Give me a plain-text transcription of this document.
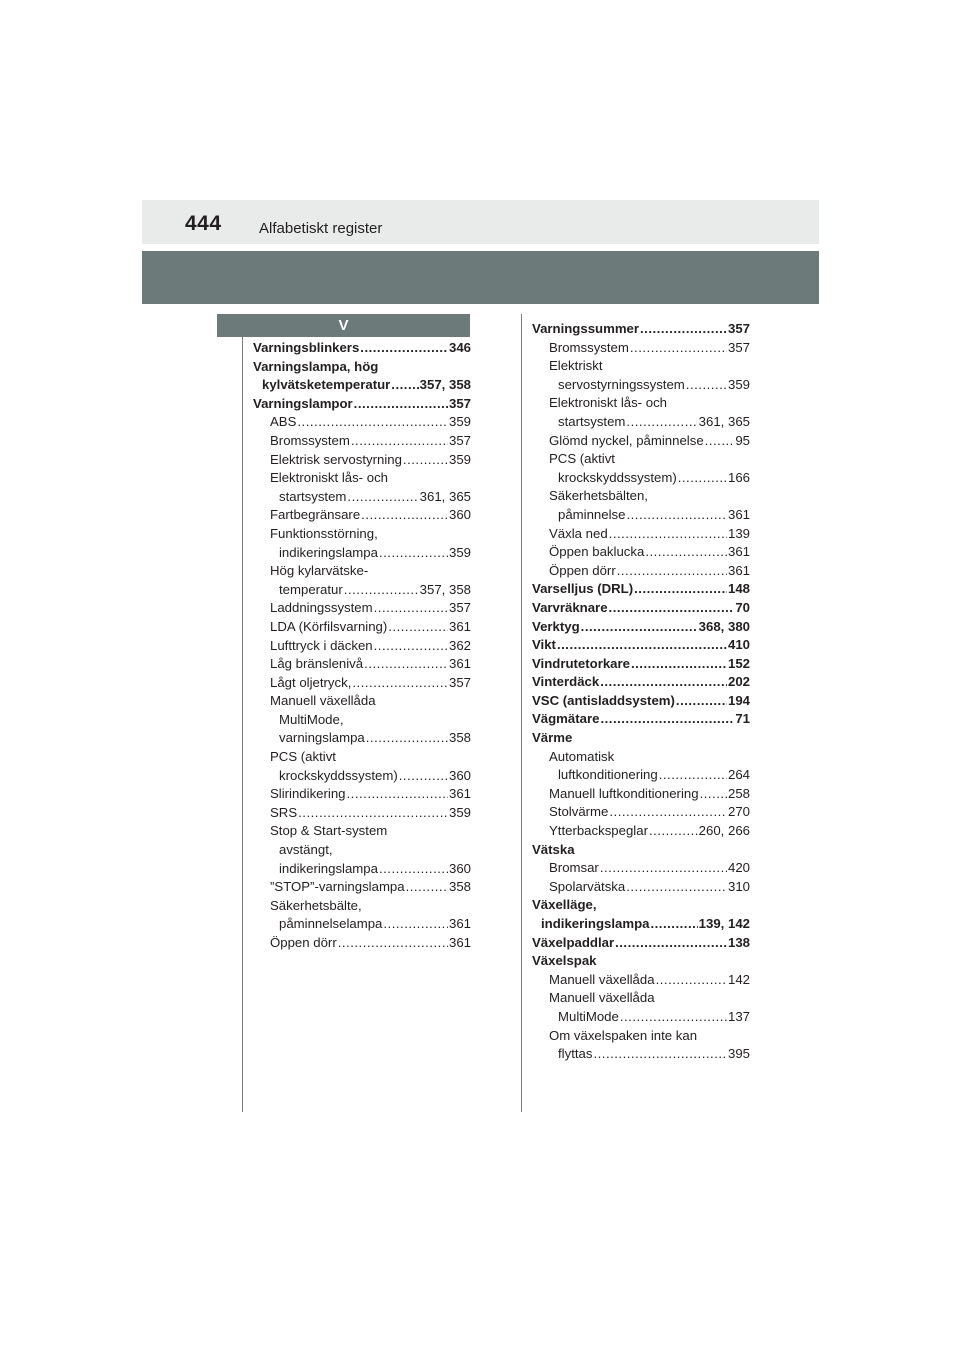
444 Alfabetiskt register
V
Varningsblinkers .....	346
Varningslampa, hög
kylvätsketemperatur ..... 357, 358
Varningslampor .....	357
ABS .....	359
Bromssystem .....	357
Elektrisk servostyrning .....	359
Elektroniskt lås- och
startsystem .....	361, 365
Fartbegränsare .....	360
Funktionsstörning,
indikeringslampa .....	359
Hög kylarvätske-
temperatur .....	357, 358
Laddningssystem .....	357
LDA (Körfilsvarning) .....	361
Lufttryck i däcken .....	362
Låg bränslenivå .....	361
Lågt oljetryck, .....	357
Manuell växellåda
MultiMode,
varningslampa .....	358
PCS (aktivt
krockskyddssystem) .....	360
Slirindikering .....	361
SRS .....	359
Stop & Start-system
avstängt,
indikeringslampa .....	360
”STOP”-varningslampa .....	358
Säkerhetsbälte,
påminnelselampa .....	361
Öppen dörr .....	361
Varningssummer .....	357
Bromssystem .....	357
Elektriskt
servostyrningssystem .....	359
Elektroniskt lås- och
startsystem .....	361, 365
Glömd nyckel, påminnelse ..... 95
PCS (aktivt
krockskyddssystem) .....	166
Säkerhetsbälten,
påminnelse .....	361
Växla ned .....	139
Öppen baklucka .....	361
Öppen dörr .....	361
Varselljus (DRL) .....	148
Varvräknare .....	70
Verktyg .....	368, 380
Vikt .....	410
Vindrutetorkare .....	152
Vinterdäck .....	202
VSC (antisladdsystem) .....	194
Vägmätare .....	71
Värme
Automatisk
luftkonditionering .....	264
Manuell luftkonditionering ..... 258
Stolvärme .....	270
Ytterbackspeglar .....	260, 266
Vätska
Bromsar .....	420
Spolarvätska .....	310
Växelläge,
indikeringslampa .....	139, 142
Växelpaddlar .....	138
Växelspak
Manuell växellåda .....	142
Manuell växellåda
MultiMode .....	137
Om växelspaken inte kan
flyttas .....	395
